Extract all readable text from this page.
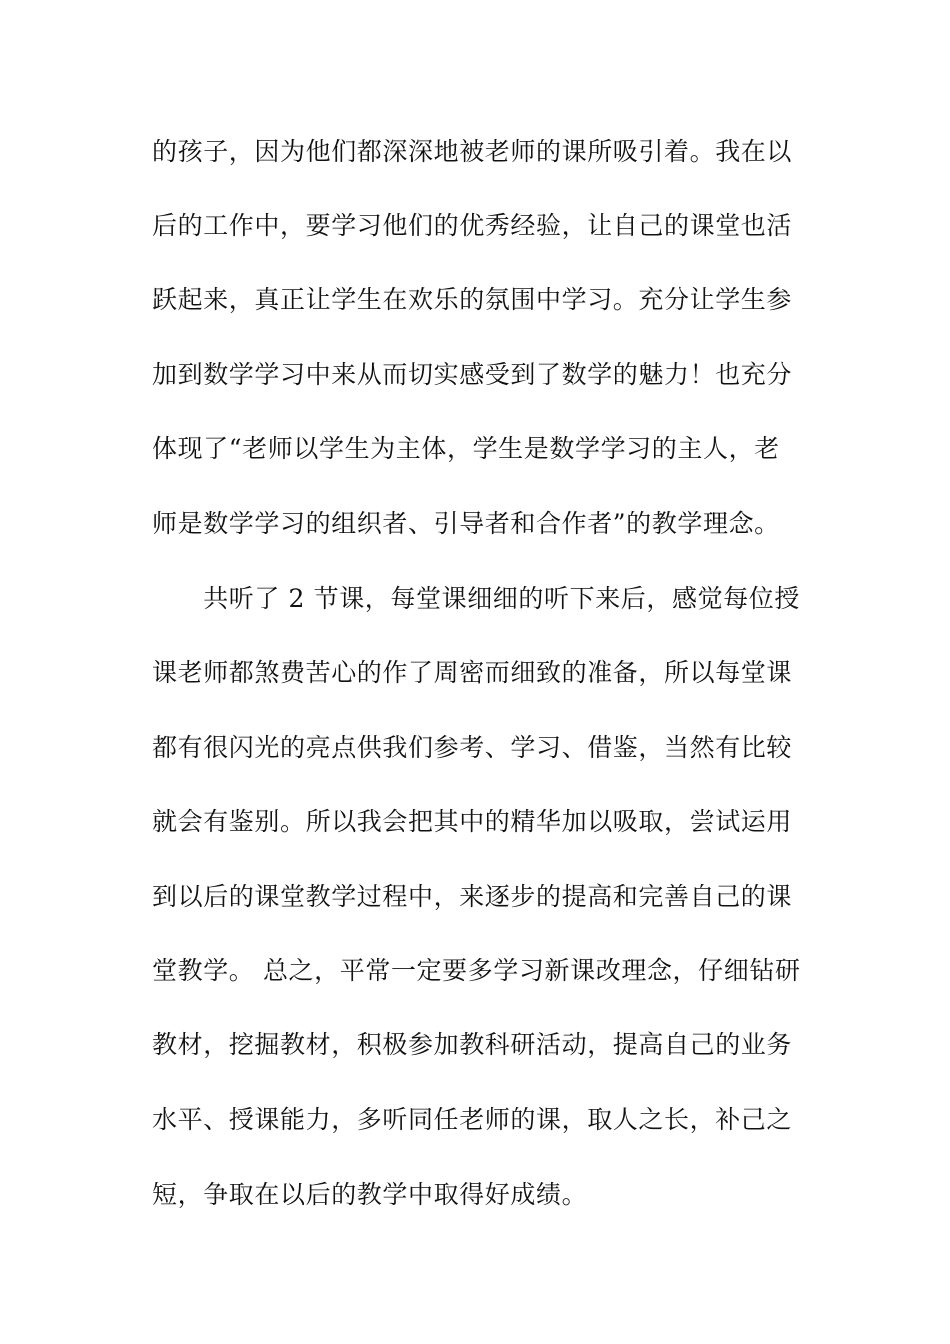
的孩子，因为他们都深深地被老师的课所吸引着。我在以
后的工作中，要学习他们的优秀经验，让自己的课堂也活
跃起来，真正让学生在欢乐的氛围中学习。充分让学生参
加到数学学习中来从而切实感受到了数学的魅力！也充分
体现了“老师以学生为主体，学生是数学学习的主人，老
师是数学学习的组织者、引导者和合作者”的教学理念。
　　共听了 2 节课，每堂课细细的听下来后，感觉每位授
课老师都煞费苦心的作了周密而细致的准备，所以每堂课
都有很闪光的亮点供我们参考、学习、借鉴，当然有比较
就会有鉴别。所以我会把其中的精华加以吸取，尝试运用
到以后的课堂教学过程中，来逐步的提高和完善自己的课
堂教学。 总之，平常一定要多学习新课改理念，仔细钻研
教材，挖掘教材，积极参加教科研活动，提高自己的业务
水平、授课能力，多听同任老师的课，取人之长，补己之
短，争取在以后的教学中取得好成绩。
